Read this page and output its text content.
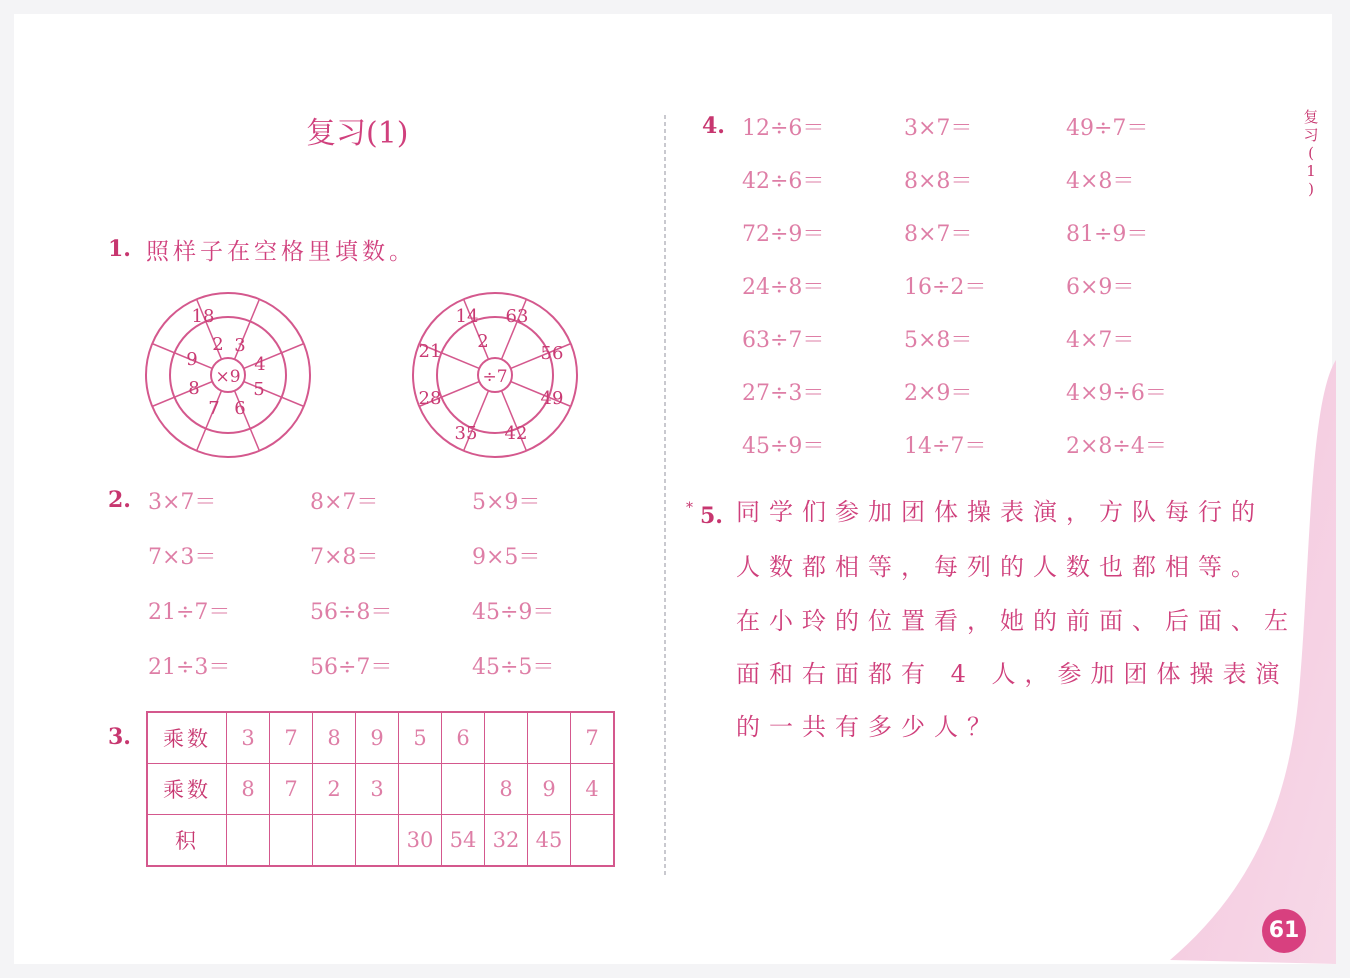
复习(1)
1. 照样子在空格里填数。
×9
2 3
4
5
6
7
8
9
18
÷7
2
14 63
56
49
42
35
28
21
2. 3×7＝	8×7＝	5×9＝
7×3＝	7×8＝	9×5＝
21÷7＝	56÷8＝	45÷9＝
21÷3＝	56÷7＝	45÷5＝
3. 乘数	3	7	8	9	5	6			7
乘数	8	7	2	3			8	9	4
积					30	54	32	45	
4. 12÷6＝	3×7＝	49÷7＝
42÷6＝	8×8＝	4×8＝
72÷9＝	8×7＝	81÷9＝
24÷8＝	16÷2＝	6×9＝
63÷7＝	5×8＝	4×7＝
27÷3＝	2×9＝	4×9÷6＝
45÷9＝	14÷7＝	2×8÷4＝
* 5. 同学们参加团体操表演，方队每行的
人数都相等，每列的人数也都相等。
在小玲的位置看，她的前面、后面、左
面和右面都有 4 人，参加团体操表演
的一共有多少人？
复
习
(
1
)
61
